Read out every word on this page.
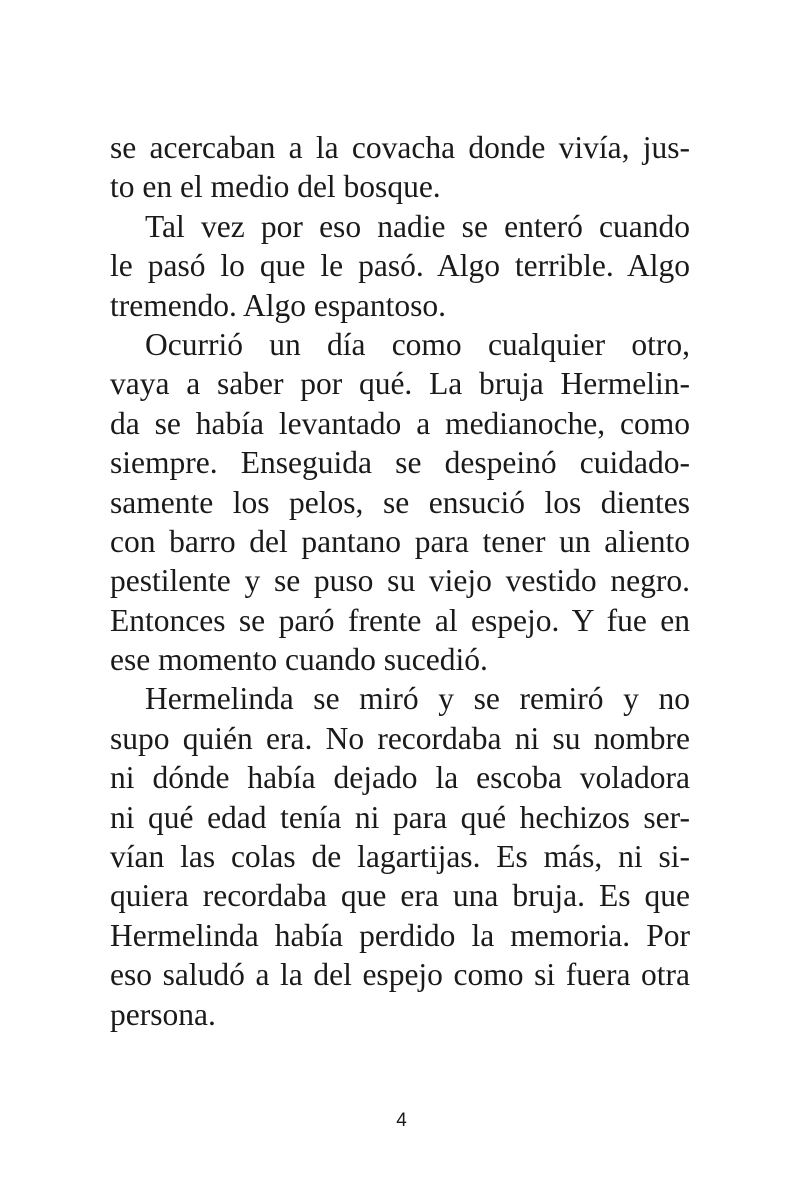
se acercaban a la covacha donde vivía, jus-
to en el medio del bosque.
Tal vez por eso nadie se enteró cuando
le pasó lo que le pasó. Algo terrible. Algo
tremendo. Algo espantoso.
Ocurrió un día como cualquier otro,
vaya a saber por qué. La bruja Hermelin-
da se había levantado a medianoche, como
siempre. Enseguida se despeinó cuidado-
samente los pelos, se ensució los dientes
con barro del pantano para tener un aliento
pestilente y se puso su viejo vestido negro.
Entonces se paró frente al espejo. Y fue en
ese momento cuando sucedió.
Hermelinda se miró y se remiró y no
supo quién era. No recordaba ni su nombre
ni dónde había dejado la escoba voladora
ni qué edad tenía ni para qué hechizos ser-
vían las colas de lagartijas. Es más, ni si-
quiera recordaba que era una bruja. Es que
Hermelinda había perdido la memoria. Por
eso saludó a la del espejo como si fuera otra
persona.
4
